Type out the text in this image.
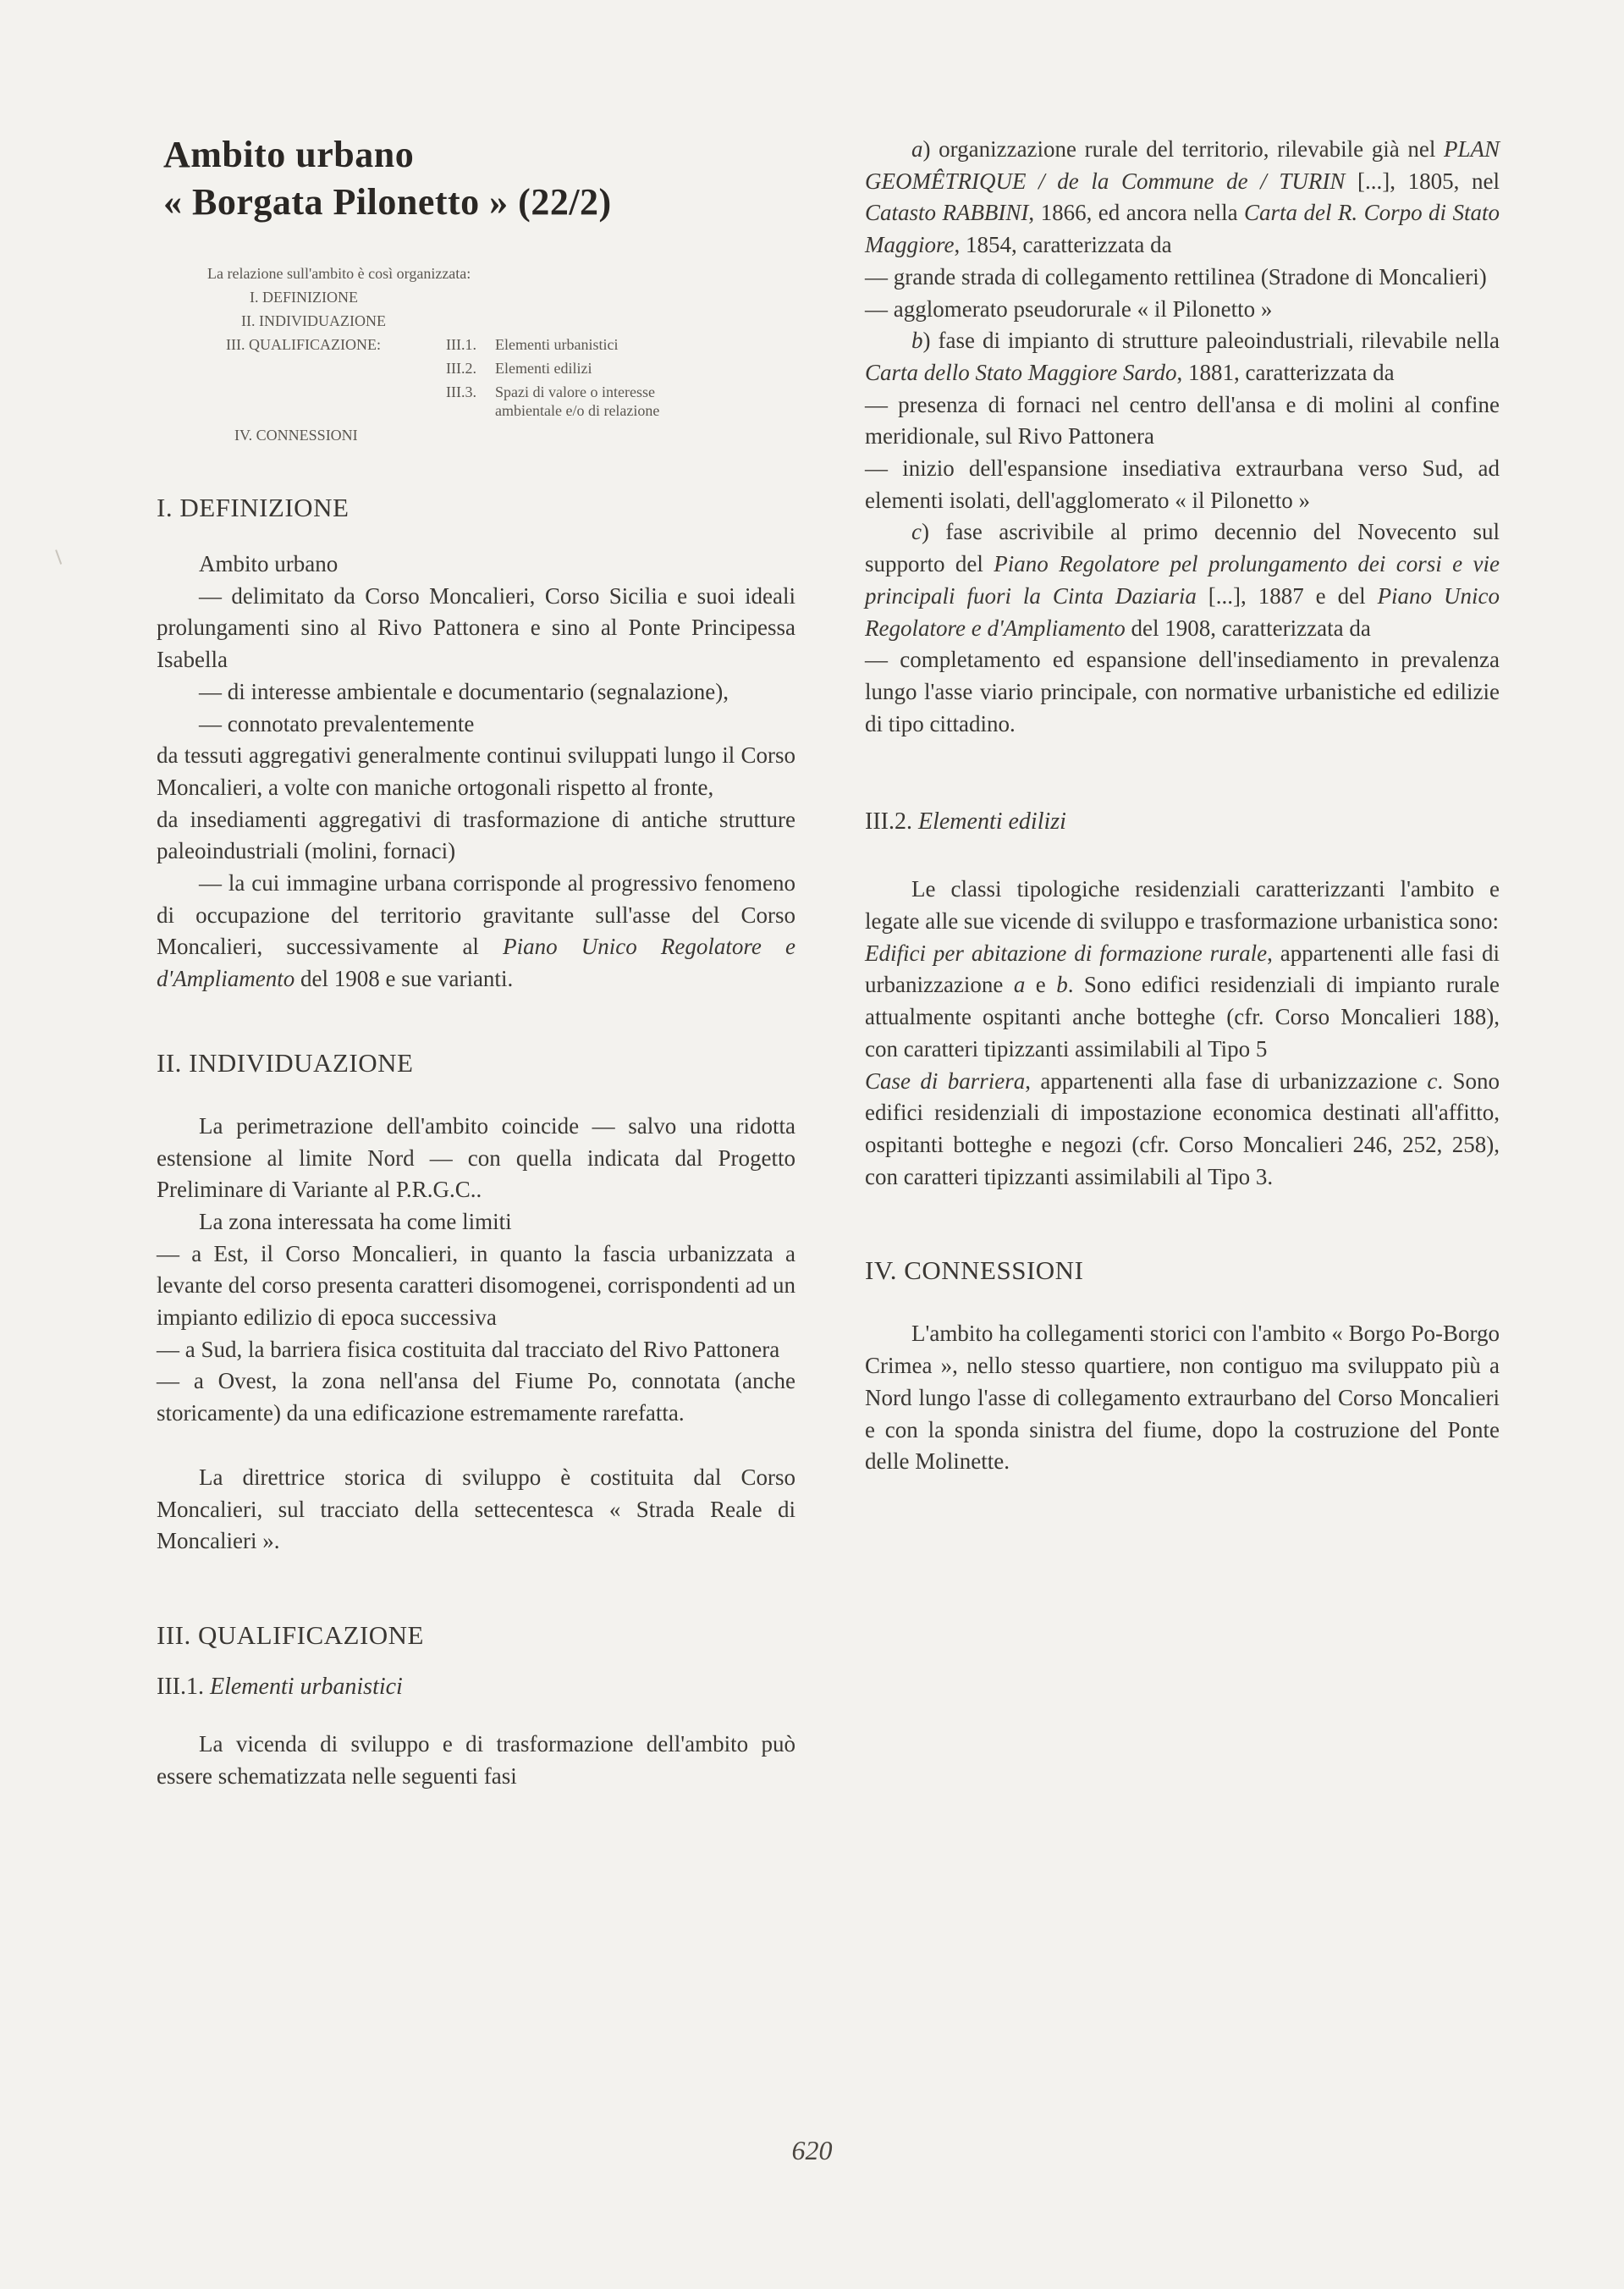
Ambito urbano
« Borgata Pilonetto » (22/2)
La relazione sull'ambito è così organizzata:
I. DEFINIZIONE
II. INDIVIDUAZIONE
III. QUALIFICAZIONE:	III.1.	Elementi urbanistici
III.2.	Elementi edilizi
III.3.	Spazi di valore o interesse ambientale e/o di relazione
IV. CONNESSIONI
I. DEFINIZIONE

Ambito urbano

— delimitato da Corso Moncalieri, Corso Sicilia e suoi ideali prolungamenti sino al Rivo Pattonera e sino al Ponte Principessa Isabella

— di interesse ambientale e documentario (segnalazione),

— connotato prevalentemente

da tessuti aggregativi generalmente continui sviluppati lungo il Corso Moncalieri, a volte con maniche ortogonali rispetto al fronte,

da insediamenti aggregativi di trasformazione di antiche strutture paleoindustriali (molini, fornaci)

— la cui immagine urbana corrisponde al progressivo fenomeno di occupazione del territorio gravitante sull'asse del Corso Moncalieri, successivamente al Piano Unico Regolatore e d'Ampliamento del 1908 e sue varianti.

II. INDIVIDUAZIONE

La perimetrazione dell'ambito coincide — salvo una ridotta estensione al limite Nord — con quella indicata dal Progetto Preliminare di Variante al P.R.G.C..

La zona interessata ha come limiti

— a Est, il Corso Moncalieri, in quanto la fascia urbanizzata a levante del corso presenta caratteri disomogenei, corrispondenti ad un impianto edilizio di epoca successiva

— a Sud, la barriera fisica costituita dal tracciato del Rivo Pattonera

— a Ovest, la zona nell'ansa del Fiume Po, connotata (anche storicamente) da una edificazione estremamente rarefatta.

La direttrice storica di sviluppo è costituita dal Corso Moncalieri, sul tracciato della settecentesca « Strada Reale di Moncalieri ».

III. QUALIFICAZIONE
III.1. Elementi urbanistici

La vicenda di sviluppo e di trasformazione dell'ambito può essere schematizzata nelle seguenti fasi

a) organizzazione rurale del territorio, rilevabile già nel PLAN GEOMÊTRIQUE / de la Commune de / TURIN [...], 1805, nel Catasto RABBINI, 1866, ed ancora nella Carta del R. Corpo di Stato Maggiore, 1854, caratterizzata da

— grande strada di collegamento rettilinea (Stradone di Moncalieri)

— agglomerato pseudorurale « il Pilonetto »

b) fase di impianto di strutture paleoindustriali, rilevabile nella Carta dello Stato Maggiore Sardo, 1881, caratterizzata da

— presenza di fornaci nel centro dell'ansa e di molini al confine meridionale, sul Rivo Pattonera

— inizio dell'espansione insediativa extraurbana verso Sud, ad elementi isolati, dell'agglomerato « il Pilonetto »

c) fase ascrivibile al primo decennio del Novecento sul supporto del Piano Regolatore pel prolungamento dei corsi e vie principali fuori la Cinta Daziaria [...], 1887 e del Piano Unico Regolatore e d'Ampliamento del 1908, caratterizzata da

— completamento ed espansione dell'insediamento in prevalenza lungo l'asse viario principale, con normative urbanistiche ed edilizie di tipo cittadino.

III.2. Elementi edilizi

Le classi tipologiche residenziali caratterizzanti l'ambito e legate alle sue vicende di sviluppo e trasformazione urbanistica sono:

Edifici per abitazione di formazione rurale, appartenenti alle fasi di urbanizzazione a e b. Sono edifici residenziali di impianto rurale attualmente ospitanti anche botteghe (cfr. Corso Moncalieri 188), con caratteri tipizzanti assimilabili al Tipo 5

Case di barriera, appartenenti alla fase di urbanizzazione c. Sono edifici residenziali di impostazione economica destinati all'affitto, ospitanti botteghe e negozi (cfr. Corso Moncalieri 246, 252, 258), con caratteri tipizzanti assimilabili al Tipo 3.

IV. CONNESSIONI

L'ambito ha collegamenti storici con l'ambito « Borgo Po-Borgo Crimea », nello stesso quartiere, non contiguo ma sviluppato più a Nord lungo l'asse di collegamento extraurbano del Corso Moncalieri e con la sponda sinistra del fiume, dopo la costruzione del Ponte delle Molinette.

620
